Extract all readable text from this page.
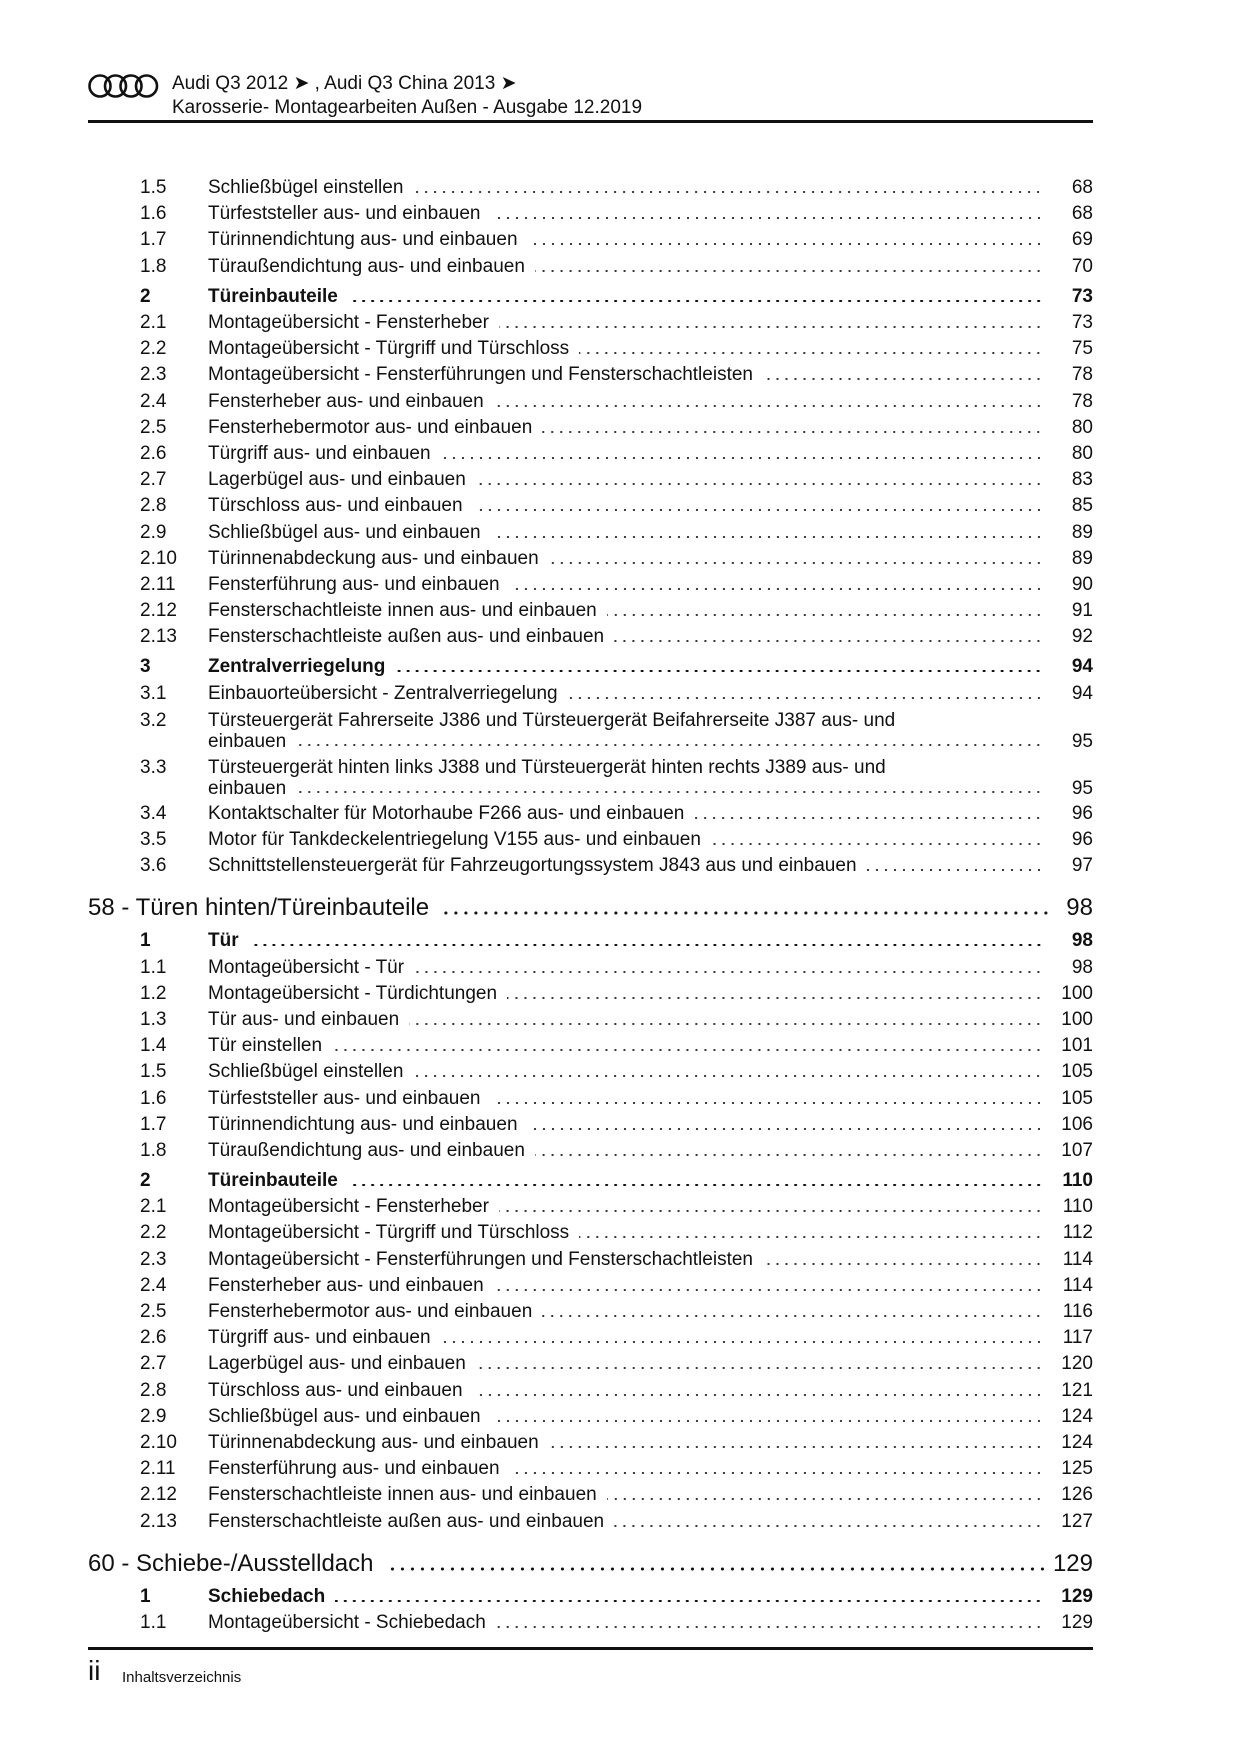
Audi Q3 2012 ➤ , Audi Q3 China 2013 ➤
Karosserie- Montagearbeiten Außen - Ausgabe 12.2019
1.5	Schließbügel einstellen	68
1.6	Türfeststeller aus- und einbauen	68
1.7	Türinnendichtung aus- und einbauen	69
1.8	Türaußendichtung aus- und einbauen	70
2	Türeinbauteile	73
2.1	Montageübersicht - Fensterheber	73
2.2	Montageübersicht - Türgriff und Türschloss	75
2.3	Montageübersicht - Fensterführungen und Fensterschachtleisten	78
2.4	Fensterheber aus- und einbauen	78
2.5	Fensterhebermotor aus- und einbauen	80
2.6	Türgriff aus- und einbauen	80
2.7	Lagerbügel aus- und einbauen	83
2.8	Türschloss aus- und einbauen	85
2.9	Schließbügel aus- und einbauen	89
2.10	Türinnenabdeckung aus- und einbauen	89
2.11	Fensterführung aus- und einbauen	90
2.12	Fensterschachtleiste innen aus- und einbauen	91
2.13	Fensterschachtleiste außen aus- und einbauen	92
3	Zentralverriegelung	94
3.1	Einbauorteübersicht - Zentralverriegelung	94
3.2	Türsteuergerät Fahrerseite J386 und Türsteuergerät Beifahrerseite J387 aus- und
einbauen	95
3.3	Türsteuergerät hinten links J388 und Türsteuergerät hinten rechts J389 aus- und
einbauen	95
3.4	Kontaktschalter für Motorhaube F266 aus- und einbauen	96
3.5	Motor für Tankdeckelentriegelung V155 aus- und einbauen	96
3.6	Schnittstellensteuergerät für Fahrzeugortungssystem J843 aus und einbauen	97
58 - Türen hinten/Türeinbauteile	98
1	Tür	98
1.1	Montageübersicht - Tür	98
1.2	Montageübersicht - Türdichtungen	100
1.3	Tür aus- und einbauen	100
1.4	Tür einstellen	101
1.5	Schließbügel einstellen	105
1.6	Türfeststeller aus- und einbauen	105
1.7	Türinnendichtung aus- und einbauen	106
1.8	Türaußendichtung aus- und einbauen	107
2	Türeinbauteile	110
2.1	Montageübersicht - Fensterheber	110
2.2	Montageübersicht - Türgriff und Türschloss	112
2.3	Montageübersicht - Fensterführungen und Fensterschachtleisten	114
2.4	Fensterheber aus- und einbauen	114
2.5	Fensterhebermotor aus- und einbauen	116
2.6	Türgriff aus- und einbauen	117
2.7	Lagerbügel aus- und einbauen	120
2.8	Türschloss aus- und einbauen	121
2.9	Schließbügel aus- und einbauen	124
2.10	Türinnenabdeckung aus- und einbauen	124
2.11	Fensterführung aus- und einbauen	125
2.12	Fensterschachtleiste innen aus- und einbauen	126
2.13	Fensterschachtleiste außen aus- und einbauen	127
60 - Schiebe-/Ausstelldach	129
1	Schiebedach	129
1.1	Montageübersicht - Schiebedach	129
ii Inhaltsverzeichnis
